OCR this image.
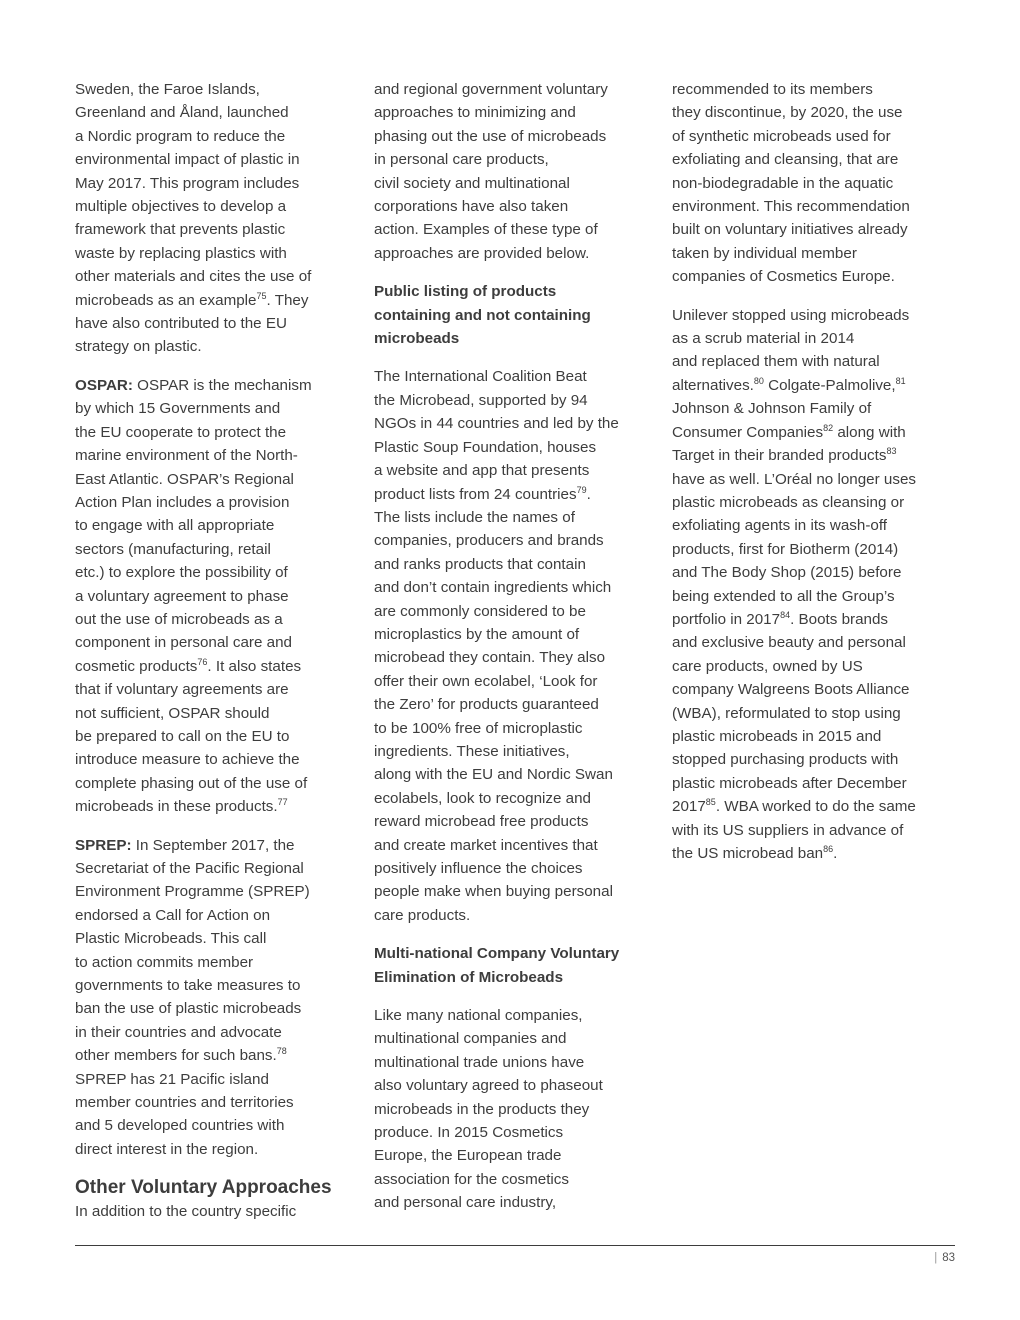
Sweden, the Faroe Islands,
Greenland and Åland, launched
a Nordic program to reduce the
environmental impact of plastic in
May 2017. This program includes
multiple objectives to develop a
framework that prevents plastic
waste by replacing plastics with
other materials and cites the use of
microbeads as an example$^{75}$. They
have also contributed to the EU
strategy on plastic.
OSPAR: OSPAR is the mechanism
by which 15 Governments and
the EU cooperate to protect the
marine environment of the North-
East Atlantic. OSPAR’s Regional
Action Plan includes a provision
to engage with all appropriate
sectors (manufacturing, retail
etc.) to explore the possibility of
a voluntary agreement to phase
out the use of microbeads as a
component in personal care and
cosmetic products$^{76}$. It also states
that if voluntary agreements are
not sufficient, OSPAR should
be prepared to call on the EU to
introduce measure to achieve the
complete phasing out of the use of
microbeads in these products.$^{77}$
SPREP: In September 2017, the
Secretariat of the Pacific Regional
Environment Programme (SPREP)
endorsed a Call for Action on
Plastic Microbeads. This call
to action commits member
governments to take measures to
ban the use of plastic microbeads
in their countries and advocate
other members for such bans.$^{78}$
SPREP has 21 Pacific island
member countries and territories
and 5 developed countries with
direct interest in the region.
Other Voluntary Approaches
In addition to the country specific
and regional government voluntary
approaches to minimizing and
phasing out the use of microbeads
in personal care products,
civil society and multinational
corporations have also taken
action. Examples of these type of
approaches are provided below.
Public listing of products
containing and not containing
microbeads
The International Coalition Beat
the Microbead, supported by 94
NGOs in 44 countries and led by the
Plastic Soup Foundation, houses
a website and app that presents
product lists from 24 countries$^{79}$.
The lists include the names of
companies, producers and brands
and ranks products that contain
and don’t contain ingredients which
are commonly considered to be
microplastics by the amount of
microbead they contain. They also
offer their own ecolabel, ‘Look for
the Zero’ for products guaranteed
to be 100% free of microplastic
ingredients. These initiatives,
along with the EU and Nordic Swan
ecolabels, look to recognize and
reward microbead free products
and create market incentives that
positively influence the choices
people make when buying personal
care products.
Multi-national Company Voluntary
Elimination of Microbeads
Like many national companies,
multinational companies and
multinational trade unions have
also voluntary agreed to phaseout
microbeads in the products they
produce. In 2015 Cosmetics
Europe, the European trade
association for the cosmetics
and personal care industry,
recommended to its members
they discontinue, by 2020, the use
of synthetic microbeads used for
exfoliating and cleansing, that are
non-biodegradable in the aquatic
environment. This recommendation
built on voluntary initiatives already
taken by individual member
companies of Cosmetics Europe.
Unilever stopped using microbeads
as a scrub material in 2014
and replaced them with natural
alternatives.$^{80}$ Colgate-Palmolive,$^{81}$
Johnson & Johnson Family of
Consumer Companies$^{82}$ along with
Target in their branded products$^{83}$
have as well. L’Oréal no longer uses
plastic microbeads as cleansing or
exfoliating agents in its wash-off
products, first for Biotherm (2014)
and The Body Shop (2015) before
being extended to all the Group’s
portfolio in 2017$^{84}$. Boots brands
and exclusive beauty and personal
care products, owned by US
company Walgreens Boots Alliance
(WBA), reformulated to stop using
plastic microbeads in 2015 and
stopped purchasing products with
plastic microbeads after December
2017$^{85}$. WBA worked to do the same
with its US suppliers in advance of
the US microbead ban$^{86}$.
| 83
